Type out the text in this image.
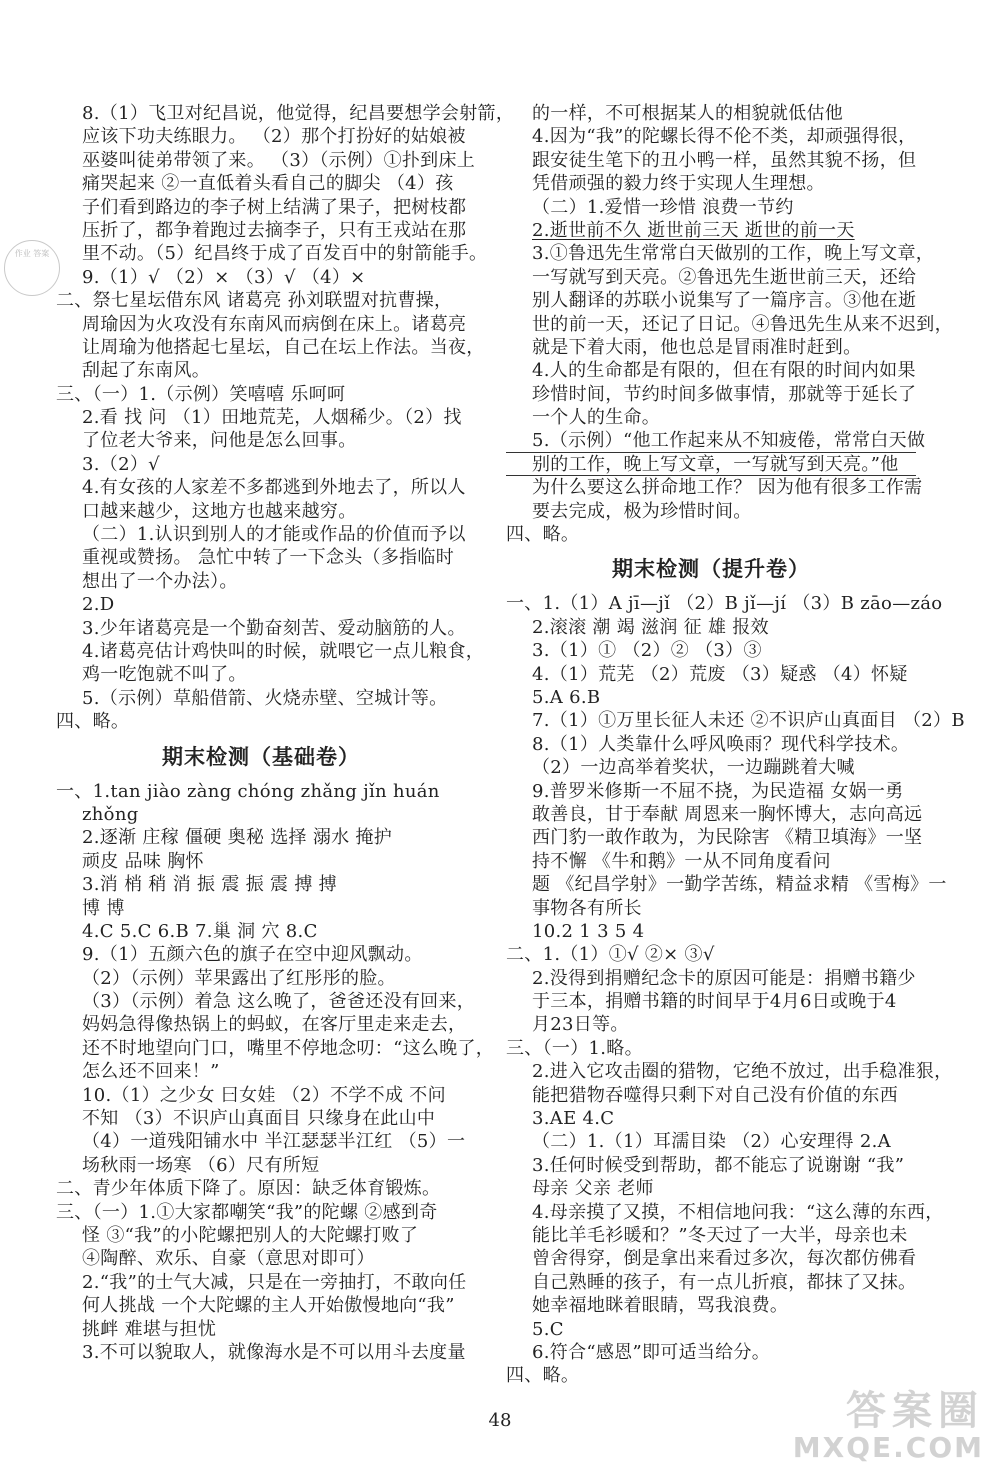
作业 答案
8.（1）飞卫对纪昌说，他觉得，纪昌要想学会射箭，
应该下功夫练眼力。 （2）那个打扮好的姑娘被
巫婆叫徒弟带领了来。 （3）（示例）①扑到床上
痛哭起来 ②一直低着头看自己的脚尖 （4）孩
子们看到路边的李子树上结满了果子，把树枝都
压折了，都争着跑过去摘李子，只有王戎站在那
里不动。（5）纪昌终于成了百发百中的射箭能手。
9.（1）√ （2）× （3）√ （4）×
二、祭七星坛借东风 诸葛亮 孙刘联盟对抗曹操，
周瑜因为火攻没有东南风而病倒在床上。诸葛亮
让周瑜为他搭起七星坛，自己在坛上作法。当夜，
刮起了东南风。
三、（一）1.（示例）笑嘻嘻 乐呵呵
2.看 找 问 （1）田地荒芜，人烟稀少。（2）找
了位老大爷来，问他是怎么回事。
3.（2）√
4.有女孩的人家差不多都逃到外地去了，所以人
口越来越少，这地方也越来越穷。
（二）1.认识到别人的才能或作品的价值而予以
重视或赞扬。 急忙中转了一下念头（多指临时
想出了一个办法）。
2.D
3.少年诸葛亮是一个勤奋刻苦、爱动脑筋的人。
4.诸葛亮估计鸡快叫的时候，就喂它一点儿粮食，
鸡一吃饱就不叫了。
5.（示例）草船借箭、火烧赤壁、空城计等。
四、略。
期末检测（基础卷）
一、1.tan jiào zàng chóng zhǎng jǐn huán
zhǒng
2.逐渐 庄稼 僵硬 奥秘 选择 溺水 掩护
顽皮 品味 胸怀
3.消 梢 稍 消 振 震 振 震 搏 搏
博 博
4.C 5.C 6.B 7.巢 洞 穴 8.C
9.（1）五颜六色的旗子在空中迎风飘动。
（2）（示例）苹果露出了红彤彤的脸。
（3）（示例）着急 这么晚了，爸爸还没有回来，
妈妈急得像热锅上的蚂蚁，在客厅里走来走去，
还不时地望向门口，嘴里不停地念叨：“这么晚了，
怎么还不回来！”
10.（1）之少女 曰女娃 （2）不学不成 不问
不知 （3）不识庐山真面目 只缘身在此山中
（4）一道残阳铺水中 半江瑟瑟半江红 （5）一
场秋雨一场寒 （6）尺有所短
二、青少年体质下降了。原因：缺乏体育锻炼。
三、（一）1.①大家都嘲笑“我”的陀螺 ②感到奇
怪 ③“我”的小陀螺把别人的大陀螺打败了
④陶醉、欢乐、自豪（意思对即可）
2.“我”的士气大减，只是在一旁抽打，不敢向任
何人挑战 一个大陀螺的主人开始傲慢地向“我”
挑衅 难堪与担忧
3.不可以貌取人，就像海水是不可以用斗去度量
的一样，不可根据某人的相貌就低估他
4.因为“我”的陀螺长得不伦不类，却顽强得很，
跟安徒生笔下的丑小鸭一样，虽然其貌不扬，但
凭借顽强的毅力终于实现人生理想。
（二）1.爱惜一珍惜 浪费一节约
2.逝世前不久 逝世前三天 逝世的前一天
3.①鲁迅先生常常白天做别的工作，晚上写文章，
一写就写到天亮。②鲁迅先生逝世前三天，还给
别人翻译的苏联小说集写了一篇序言。③他在逝
世的前一天，还记了日记。④鲁迅先生从来不迟到，
就是下着大雨，他也总是冒雨准时赶到。
4.人的生命都是有限的，但在有限的时间内如果
珍惜时间，节约时间多做事情，那就等于延长了
一个人的生命。
5.（示例）“他工作起来从不知疲倦，常常白天做
别的工作，晚上写文章，一写就写到天亮。”他
为什么要这么拼命地工作？ 因为他有很多工作需
要去完成，极为珍惜时间。
四、略。
期末检测（提升卷）
一、1.（1）A jī—jǐ （2）B jǐ—jí （3）B zāo—záo
2.滚滚 潮 竭 滋润 征 雄 报效
3.（1）① （2）② （3）③
4.（1）荒芜 （2）荒废 （3）疑惑 （4）怀疑
5.A 6.B
7.（1）①万里长征人未还 ②不识庐山真面目 （2）B
8.（1）人类靠什么呼风唤雨？现代科学技术。
（2）一边高举着奖状，一边蹦跳着大喊
9.普罗米修斯一不屈不挠，为民造福 女娲一勇
敢善良，甘于奉献 周恩来一胸怀博大，志向高远
西门豹一敢作敢为，为民除害 《精卫填海》一坚
持不懈 《牛和鹅》一从不同角度看问
题 《纪昌学射》一勤学苦练，精益求精 《雪梅》一
事物各有所长
10.2 1 3 5 4
二、1.（1）①√ ②× ③√
2.没得到捐赠纪念卡的原因可能是：捐赠书籍少
于三本，捐赠书籍的时间早于4月6日或晚于4
月23日等。
三、（一）1.略。
2.进入它攻击圈的猎物，它绝不放过，出手稳准狠，
能把猎物吞噬得只剩下对自己没有价值的东西
3.AE 4.C
（二）1.（1）耳濡目染 （2）心安理得 2.A
3.任何时候受到帮助，都不能忘了说谢谢 “我”
母亲 父亲 老师
4.母亲摸了又摸，不相信地问我：“这么薄的东西，
能比羊毛衫暖和？”冬天过了一大半，母亲也未
曾舍得穿，倒是拿出来看过多次，每次都仿佛看
自己熟睡的孩子，有一点儿折痕，都抹了又抹。
她幸福地眯着眼睛，骂我浪费。
5.C
6.符合“感恩”即可适当给分。
四、略。
48	答案圈
MXQE.COM
